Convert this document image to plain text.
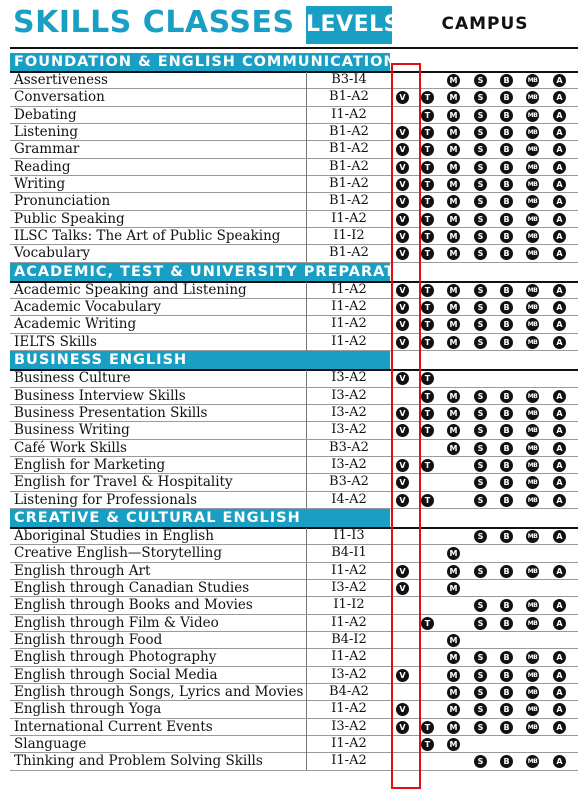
SKILLS CLASSES LEVELS	CAMPUS
FOUNDATION & ENGLISH COMMUNICATION
Assertiveness	B3-I4	M	S	B	MB	A
Conversation	B1-A2	V	T	M	S	B	MB	A
Debating	I1-A2	T	M	S	B	MB	A
Listening	B1-A2	V	T	M	S	B	MB	A
Grammar	B1-A2	V	T	M	S	B	MB	A
Reading	B1-A2	V	T	M	S	B	MB	A
Writing	B1-A2	V	T	M	S	B	MB	A
Pronunciation	B1-A2	V	T	M	S	B	MB	A
Public Speaking	I1-A2	V	T	M	S	B	MB	A
ILSC Talks: The Art of Public Speaking	I1-I2	V	T	M	S	B	MB	A
Vocabulary	B1-A2	V	T	M	S	B	MB	A
ACADEMIC, TEST & UNIVERSITY PREPARATION
Academic Speaking and Listening	I1-A2	V	T	M	S	B	MB	A
Academic Vocabulary	I1-A2	V	T	M	S	B	MB	A
Academic Writing	I1-A2	V	T	M	S	B	MB	A
IELTS Skills	I1-A2	V	T	M	S	B	MB	A
BUSINESS ENGLISH
Business Culture	I3-A2	V	T
Business Interview Skills	I3-A2	T	M	S	B	MB	A
Business Presentation Skills	I3-A2	V	T	M	S	B	MB	A
Business Writing	I3-A2	V	T	M	S	B	MB	A
Café Work Skills	B3-A2	M	S	B	MB	A
English for Marketing	I3-A2	V	T	S	B	MB	A
English for Travel & Hospitality	B3-A2	V	S	B	MB	A
Listening for Professionals	I4-A2	V	T	S	B	MB	A
CREATIVE & CULTURAL ENGLISH
Aboriginal Studies in English	I1-I3	S	B	MB	A
Creative English—Storytelling	B4-I1	M
English through Art	I1-A2	V	M	S	B	MB	A
English through Canadian Studies	I3-A2	V	M
English through Books and Movies	I1-I2	S	B	MB	A
English through Film & Video	I1-A2	T	S	B	MB	A
English through Food	B4-I2	M
English through Photography	I1-A2	M	S	B	MB	A
English through Social Media	I3-A2	V	M	S	B	MB	A
English through Songs, Lyrics and Movies	B4-A2	M	S	B	MB	A
English through Yoga	I1-A2	V	M	S	B	MB	A
International Current Events	I3-A2	V	T	M	S	B	MB	A
Slanguage	I1-A2	T	M
Thinking and Problem Solving Skills	I1-A2	S	B	MB	A
